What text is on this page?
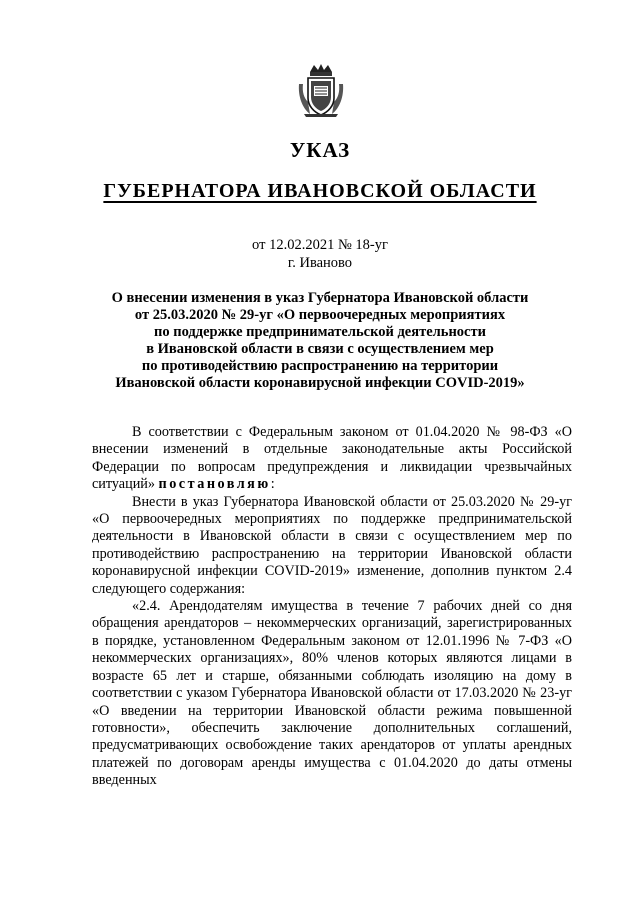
УКАЗ
ГУБЕРНАТОРА ИВАНОВСКОЙ ОБЛАСТИ
от 12.02.2021 № 18-уг
г. Иваново
О внесении изменения в указ Губернатора Ивановской области
от 25.03.2020 № 29-уг «О первоочередных мероприятиях
по поддержке предпринимательской деятельности
в Ивановской области в связи с осуществлением мер
по противодействию распространению на территории
Ивановской области коронавирусной инфекции COVID-2019»

В соответствии с Федеральным законом от 01.04.2020 № 98-ФЗ «О внесении изменений в отдельные законодательные акты Российской Федерации по вопросам предупреждения и ликвидации чрезвычайных ситуаций» постановляю:

Внести в указ Губернатора Ивановской области от 25.03.2020 № 29-уг «О первоочередных мероприятиях по поддержке предпринимательской деятельности в Ивановской области в связи с осуществлением мер по противодействию распространению на территории Ивановской области коронавирусной инфекции COVID-2019» изменение, дополнив пунктом 2.4 следующего содержания:

«2.4. Арендодателям имущества в течение 7 рабочих дней со дня обращения арендаторов – некоммерческих организаций, зарегистрированных в порядке, установленном Федеральным законом от 12.01.1996 № 7-ФЗ «О некоммерческих организациях», 80% членов которых являются лицами в возрасте 65 лет и старше, обязанными соблюдать изоляцию на дому в соответствии с указом Губернатора Ивановской области от 17.03.2020 № 23-уг «О введении на территории Ивановской области режима повышенной готовности», обеспечить заключение дополнительных соглашений, предусматривающих освобождение таких арендаторов от уплаты арендных платежей по договорам аренды имущества с 01.04.2020 до даты отмены введенных
